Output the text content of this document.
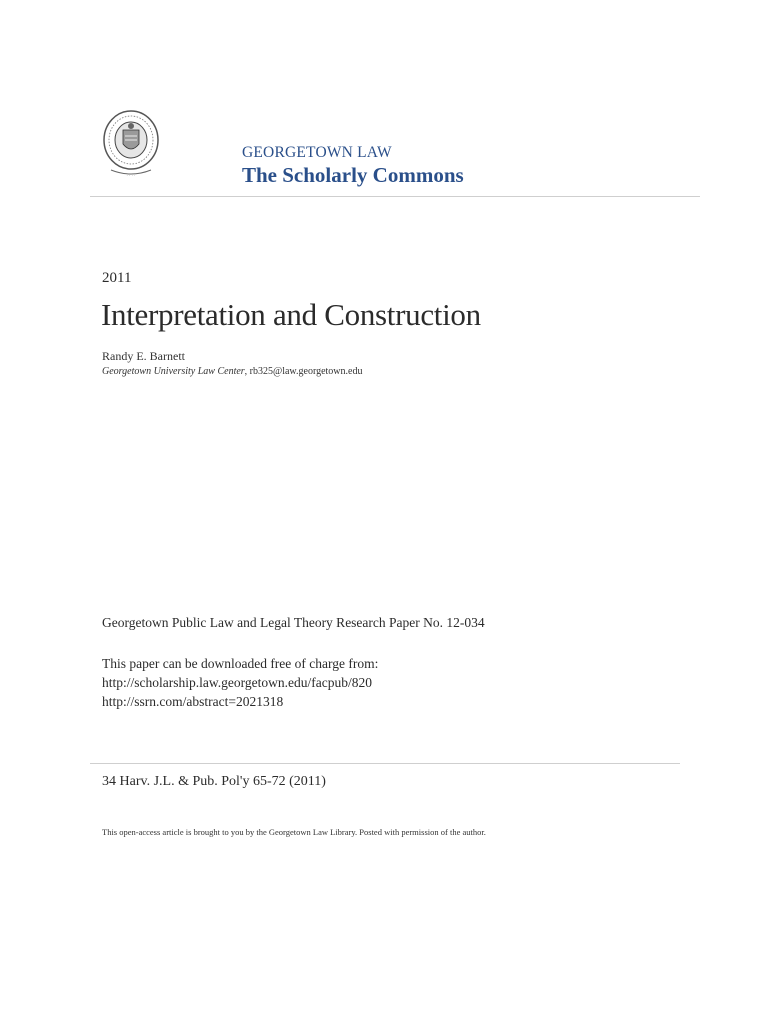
· · · ·
GEORGETOWN LAW
The Scholarly Commons
2011
Interpretation and Construction
Randy E. Barnett
Georgetown University Law Center, rb325@law.georgetown.edu
Georgetown Public Law and Legal Theory Research Paper No. 12-034
This paper can be downloaded free of charge from:
http://scholarship.law.georgetown.edu/facpub/820
http://ssrn.com/abstract=2021318
34 Harv. J.L. & Pub. Pol'y 65-72 (2011)
This open-access article is brought to you by the Georgetown Law Library. Posted with permission of the author.
